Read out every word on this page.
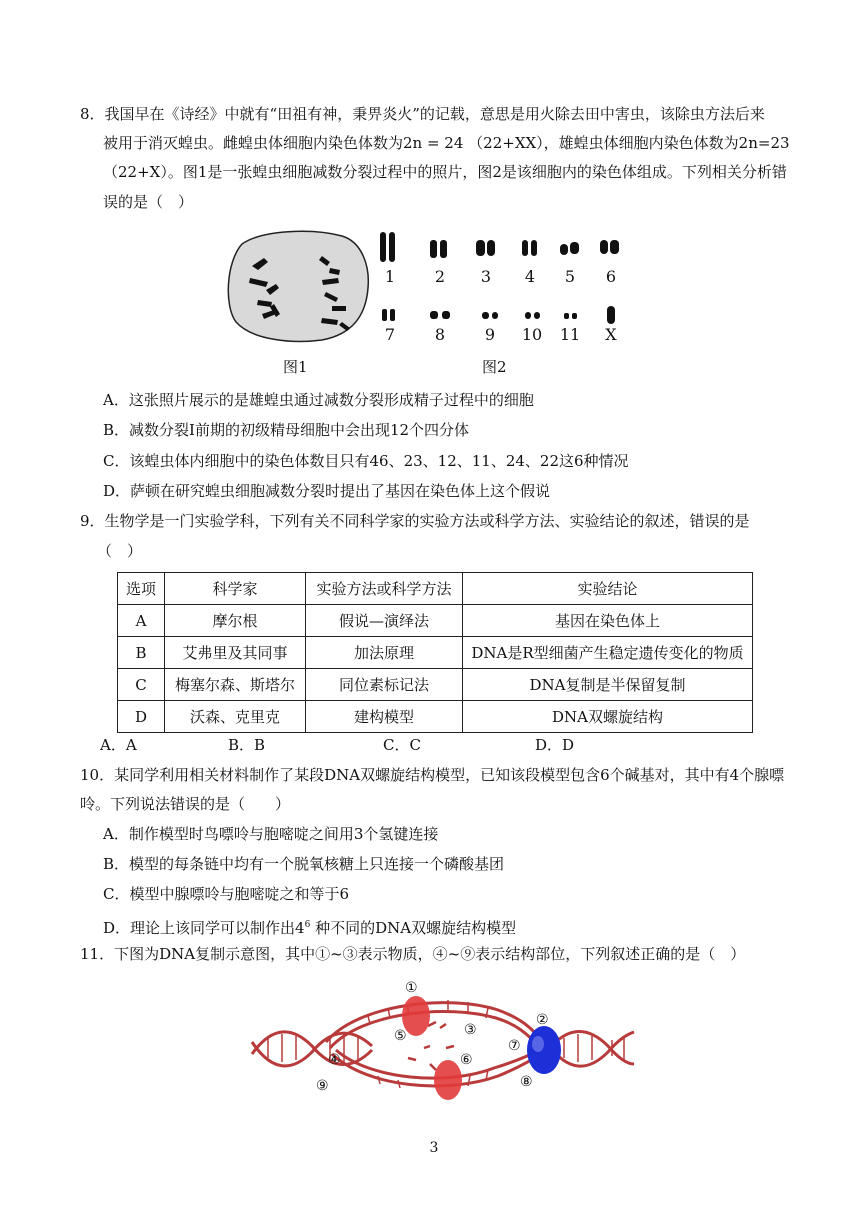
8．我国早在《诗经》中就有“田祖有神，秉畀炎火”的记载，意思是用火除去田中害虫，该除虫方法后来
被用于消灭蝗虫。雌蝗虫体细胞内染色体数为2n = 24 （22+XX），雄蝗虫体细胞内染色体数为2n=23
（22+X）。图1是一张蝗虫细胞减数分裂过程中的照片，图2是该细胞内的染色体组成。下列相关分析错
误的是（　）
1 2 3 4 5 6
7 8 9 10 11 X
图1	图2
A．这张照片展示的是雄蝗虫通过减数分裂形成精子过程中的细胞
B．减数分裂Ⅰ前期的初级精母细胞中会出现12个四分体
C．该蝗虫体内细胞中的染色体数目只有46、23、12、11、24、22这6种情况
D．萨顿在研究蝗虫细胞减数分裂时提出了基因在染色体上这个假说
9．生物学是一门实验学科，下列有关不同科学家的实验方法或科学方法、实验结论的叙述，错误的是
（　）
选项	科学家	实验方法或科学方法	实验结论
A	摩尔根	假说—演绎法	基因在染色体上
B	艾弗里及其同事	加法原理	DNA是R型细菌产生稳定遗传变化的物质
C	梅塞尔森、斯塔尔	同位素标记法	DNA复制是半保留复制
D	沃森、克里克	建构模型	DNA双螺旋结构
A．A	B．B	C．C	D．D
10．某同学利用相关材料制作了某段DNA双螺旋结构模型，已知该段模型包含6个碱基对，其中有4个腺嘌
呤。下列说法错误的是（　　）
A．制作模型时鸟嘌呤与胞嘧啶之间用3个氢键连接
B．模型的每条链中均有一个脱氧核糖上只连接一个磷酸基团
C．模型中腺嘌呤与胞嘧啶之和等于6
D．理论上该同学可以制作出$4^6$ 种不同的DNA双螺旋结构模型
11．下图为DNA复制示意图，其中①~③表示物质，④~⑨表示结构部位，下列叙述正确的是（　）
①
②
③
④
⑤
⑥
⑦
⑧
⑨
3
